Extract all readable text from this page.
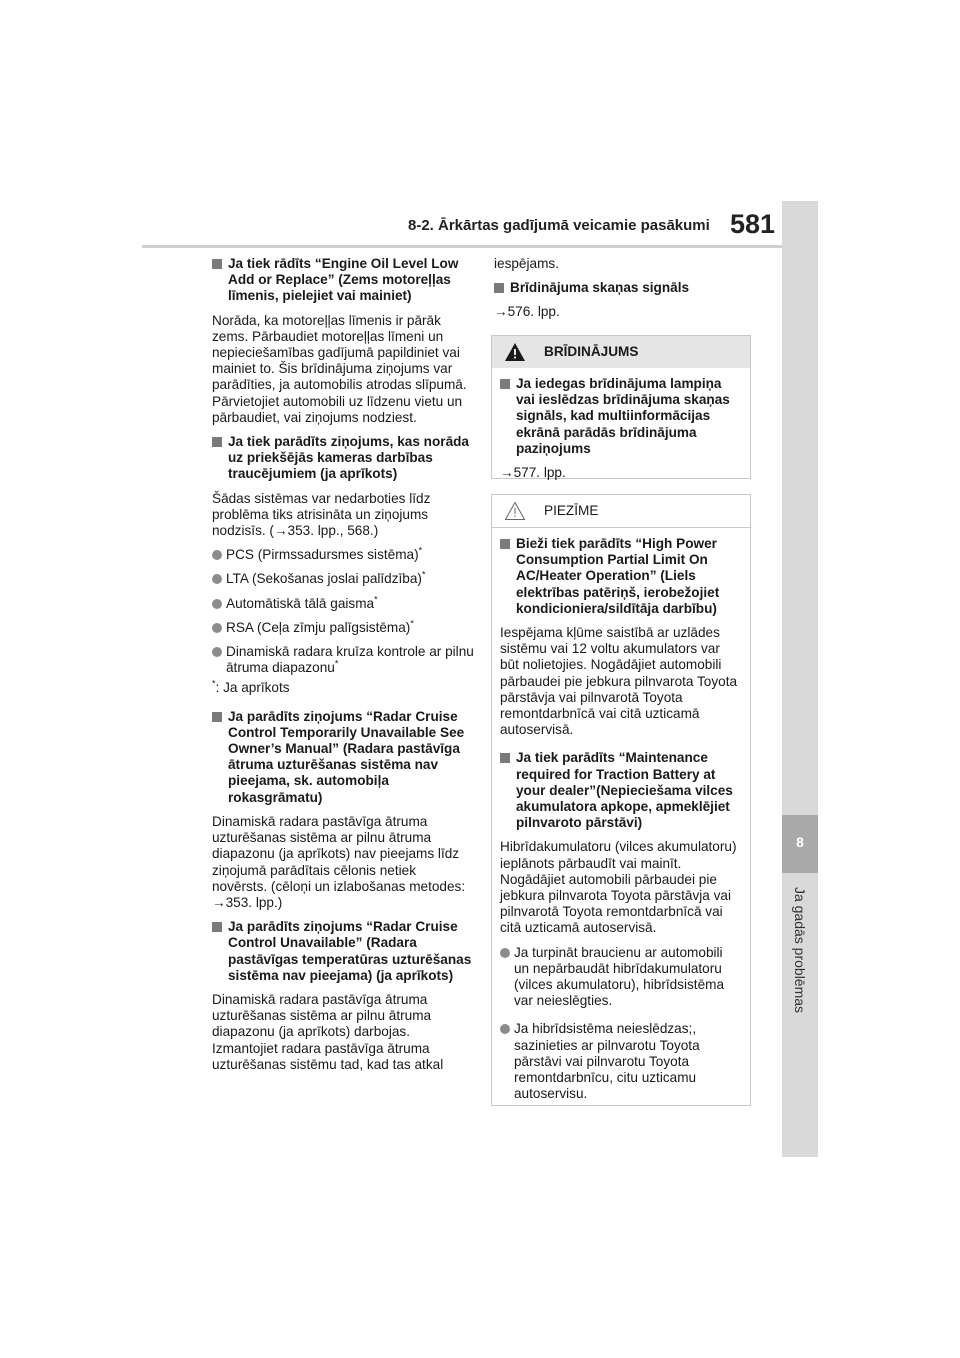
8-2. Ārkārtas gadījumā veicamie pasākumi 581
8
Ja gadās problēmas
Ja tiek rādīts “Engine Oil Level Low Add or Replace” (Zems motoreļļas līmenis, pielejiet vai mainiet)
Norāda, ka motoreļļas līmenis ir pārāk zems. Pārbaudiet motoreļļas līmeni un nepieciešamības gadījumā papildiniet vai mainiet to. Šis brīdinājuma ziņojums var parādīties, ja automobilis atrodas slīpumā. Pārvietojiet automobili uz līdzenu vietu un pārbaudiet, vai ziņojums nodziest.
Ja tiek parādīts ziņojums, kas norāda uz priekšējās kameras darbības traucējumiem (ja aprīkots)
Šādas sistēmas var nedarboties līdz problēma tiks atrisināta un ziņojums nodzisīs. (→353. lpp., 568.)
PCS (Pirmssadursmes sistēma)*
LTA (Sekošanas joslai palīdzība)*
Automātiskā tālā gaisma*
RSA (Ceļa zīmju palīgsistēma)*
Dinamiskā radara kruīza kontrole ar pilnu ātruma diapazonu*
*: Ja aprīkots
Ja parādīts ziņojums “Radar Cruise Control Temporarily Unavailable See Owner’s Manual” (Radara pastāvīga ātruma uzturēšanas sistēma nav pieejama, sk. automobiļa rokasgrāmatu)
Dinamiskā radara pastāvīga ātruma uzturēšanas sistēma ar pilnu ātruma diapazonu (ja aprīkots) nav pieejams līdz ziņojumā parādītais cēlonis netiek novērsts. (cēloņi un izlabošanas metodes: →353. lpp.)
Ja parādīts ziņojums “Radar Cruise Control Unavailable” (Radara pastāvīgas temperatūras uzturēšanas sistēma nav pieejama) (ja aprīkots)
Dinamiskā radara pastāvīga ātruma uzturēšanas sistēma ar pilnu ātruma diapazonu (ja aprīkots) darbojas. Izmantojiet radara pastāvīga ātruma uzturēšanas sistēmu tad, kad tas atkal
iespējams.
Brīdinājuma skaņas signāls
→576. lpp.
BRĪDINĀJUMS
Ja iedegas brīdinājuma lampiņa vai ieslēdzas brīdinājuma skaņas signāls, kad multiinformācijas ekrānā parādās brīdinājuma paziņojums
→577. lpp.
PIEZĪME
Bieži tiek parādīts “High Power Consumption Partial Limit On AC/Heater Operation” (Liels elektrības patēriņš, ierobežojiet kondicioniera/sildītāja darbību)
Iespējama kļūme saistībā ar uzlādes sistēmu vai 12 voltu akumulators var būt nolietojies. Nogādājiet automobili pārbaudei pie jebkura pilnvarota Toyota pārstāvja vai pilnvarotā Toyota remontdarbnīcā vai citā uzticamā autoservisā.
Ja tiek parādīts “Maintenance required for Traction Battery at your dealer”(Nepieciešama vilces akumulatora apkope, apmeklējiet pilnvaroto pārstāvi)
Hibrīdakumulatoru (vilces akumulatoru) ieplānots pārbaudīt vai mainīt. Nogādājiet automobili pārbaudei pie jebkura pilnvarota Toyota pārstāvja vai pilnvarotā Toyota remontdarbnīcā vai citā uzticamā autoservisā.
Ja turpināt braucienu ar automobili un nepārbaudāt hibrīdakumulatoru (vilces akumulatoru), hibrīdsistēma var neieslēgties.
Ja hibrīdsistēma neieslēdzas;, sazinieties ar pilnvarotu Toyota pārstāvi vai pilnvarotu Toyota remontdarbnīcu, citu uzticamu autoservisu.
